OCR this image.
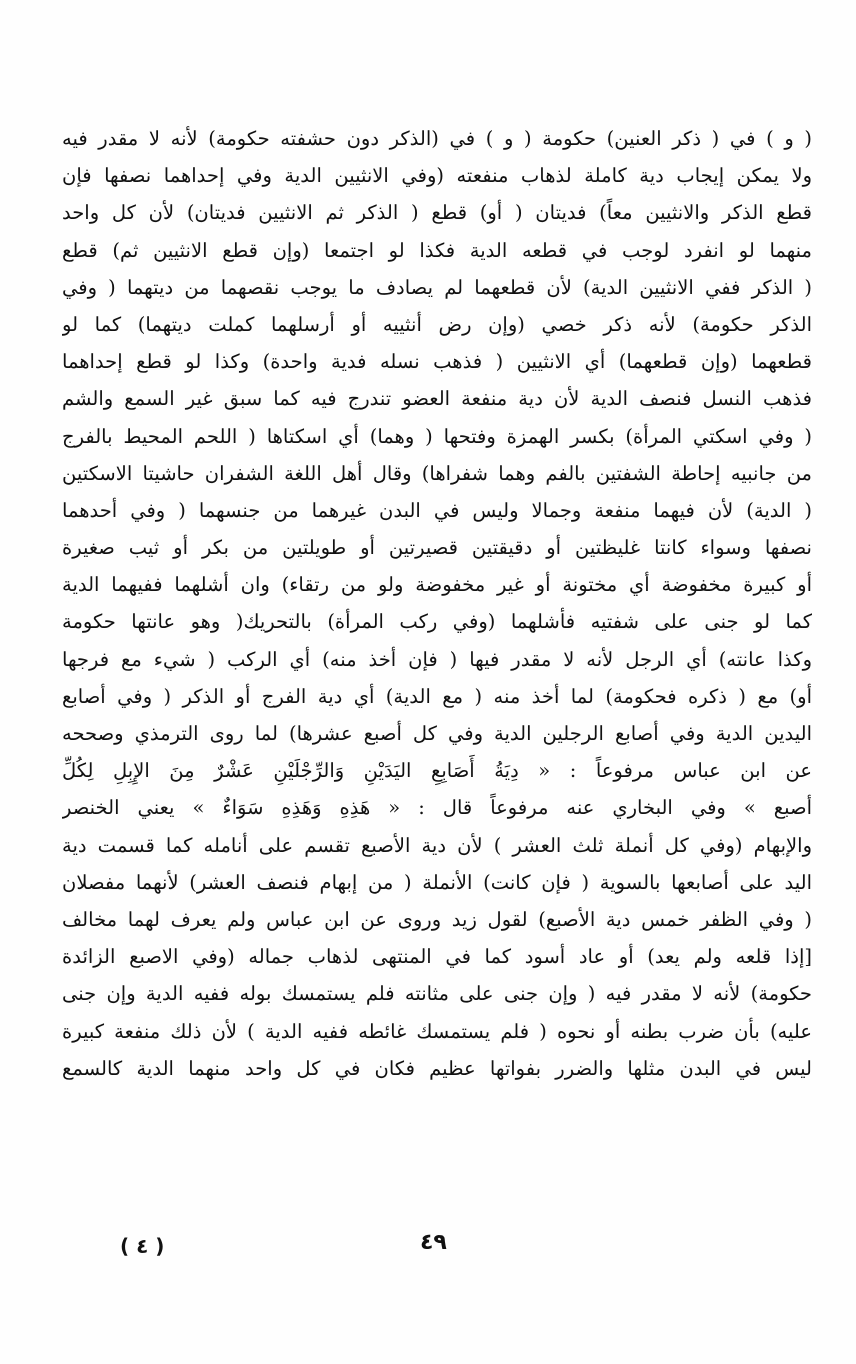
( و ) في ( ذكر العنين) حكومة ( و ) في (الذكر دون حشفته حكومة) لأنه لا مقدر فيه
ولا يمكن إيجاب دية كاملة لذهاب منفعته (وفي الانثيين الدية وفي إحداهما نصفها فإن
قطع الذكر والانثيين معاً) فديتان ( أو) قطع ( الذكر ثم الانثيين فديتان) لأن كل واحد
منهما لو انفرد لوجب في قطعه الدية فكذا لو اجتمعا (وإن قطع الانثيين ثم) قطع
( الذكر ففي الانثيين الدية) لأن قطعهما لم يصادف ما يوجب نقصهما من ديتهما ( وفي
الذكر حكومة) لأنه ذكر خصي (وإن رض أنثييه أو أرسلهما كملت ديتهما) كما لو
قطعهما (وإن قطعهما) أي الانثيين ( فذهب نسله فدية واحدة) وكذا لو قطع إحداهما
فذهب النسل فنصف الدية لأن دية منفعة العضو تندرج فيه كما سبق غير السمع والشم
( وفي اسكتي المرأة) بكسر الهمزة وفتحها ( وهما) أي اسكتاها ( اللحم المحيط بالفرج
من جانبيه إحاطة الشفتين بالفم وهما شفراها) وقال أهل اللغة الشفران حاشيتا الاسكتين
( الدية) لأن فيهما منفعة وجمالا وليس في البدن غيرهما من جنسهما ( وفي أحدهما
نصفها وسواء كانتا غليظتين أو دقيقتين قصيرتين أو طويلتين من بكر أو ثيب صغيرة
أو كبيرة مخفوضة أي مختونة أو غير مخفوضة ولو من رتقاء) وان أشلهما ففيهما الدية
كما لو جنى على شفتيه فأشلهما (وفي ركب المرأة) بالتحريك( وهو عانتها حكومة
وكذا عانته) أي الرجل لأنه لا مقدر فيها ( فإن أخذ منه) أي الركب ( شيء مع فرجها
أو) مع ( ذكره فحكومة) لما أخذ منه ( مع الدية) أي دية الفرج أو الذكر ( وفي أصابع
اليدين الدية وفي أصابع الرجلين الدية وفي كل أصبع عشرها) لما روى الترمذي وصححه
عن ابن عباس مرفوعاً : « دِيَةُ أَصَابِعِ اليَدَيْنِ وَالرِّجْلَيْنِ عَشْرٌ مِنَ الإِبِلِ لِكُلِّ
أصبع » وفي البخاري عنه مرفوعاً قال : « هَذِهِ وَهَذِهِ سَوَاءٌ » يعني الخنصر
والإبهام (وفي كل أنملة ثلث العشر ) لأن دية الأصبع تقسم على أنامله كما قسمت دية
اليد على أصابعها بالسوية ( فإن كانت) الأنملة ( من إبهام فنصف العشر) لأنهما مفصلان
( وفي الظفر خمس دية الأصبع) لقول زيد وروى عن ابن عباس ولم يعرف لهما مخالف
[إذا قلعه ولم يعد) أو عاد أسود كما في المنتهى لذهاب جماله (وفي الاصبع الزائدة
حكومة) لأنه لا مقدر فيه ( وإن جنى على مثانته فلم يستمسك بوله ففيه الدية وإن جنى
عليه) بأن ضرب بطنه أو نحوه ( فلم يستمسك غائطه ففيه الدية ) لأن ذلك منفعة كبيرة
ليس في البدن مثلها والضرر بفواتها عظيم فكان في كل واحد منهما الدية كالسمع
( ٤ )	٤٩
